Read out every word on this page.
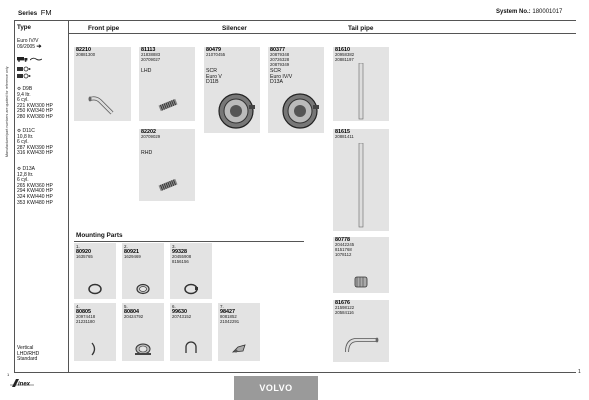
Manufacturer/part numbers are quoted for reference only
1
Series FM	System No.: 180001017
1
Type
Euro IV/V
09/2005 ➔
⚙ D9B
9,4 ltr.
6 cyl.
221 KW/300 HP
250 KW/340 HP
280 KW/380 HP
⚙ D11C
10,8 ltr.
6 cyl.
287 KW/390 HP
316 KW/430 HP
⚙ D13A
12,8 ltr.
6 cyl.
265 KW/360 HP
294 KW/400 HP
324 KW/440 HP
353 KW/480 HP
Vertical
LHD/RHD
Standard
Front pipe	Silencer	Tail pipe
82210
20881300
81113
21838883
20709027
LHD
82202
20709029
RHD
80479
21070455
SCR
Euro V
D11B
80377
20879348
20726328
20879349
SCR
Euro IV/V
D13A
81610
20958382
20881197
81615
20881411
80778
20442245
8151768
1078112
81676
21598122
20584116
Mounting Parts
1.
80920
1635765
2.
80921
1629469
3.
99328
20455908
8156156
4.
80805
20974418
21231180
5.
80804
20424792
6.
99630
20743152
7.
98427
8081852
21042291
inex	VOLVO
